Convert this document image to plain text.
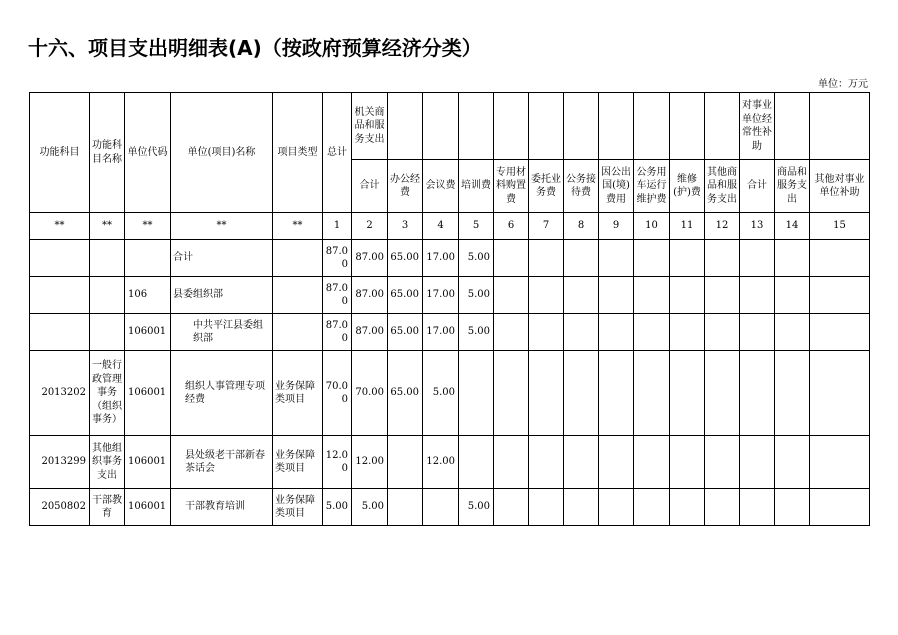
十六、项目支出明细表(A)（按政府预算经济分类）
单位：万元
功能科目	功能科目名称	单位代码	单位(项目)名称	项目类型	总计	机关商品和服务支出											对事业单位经常性补助		
						合计	办公经费	会议费	培训费	专用材料购置费	委托业务费	公务接待费	因公出国(境)费用	公务用车运行维护费	维修(护)费	其他商品和服务支出	合计	商品和服务支出	其他对事业单位补助
**	**	**	**	**	1	2	3	4	5	6	7	8	9	10	11	12	13	14	15
			合计		87.00	87.00	65.00	17.00	5.00										
		106	县委组织部		87.00	87.00	65.00	17.00	5.00										
		106001	中共平江县委组织部		87.00	87.00	65.00	17.00	5.00										
2013202	一般行政管理事务（组织事务）	106001	组织人事管理专项经费	业务保障类项目	70.00	70.00	65.00	5.00											
2013299	其他组织事务支出	106001	县处级老干部新春茶话会	业务保障类项目	12.00	12.00		12.00											
2050802	干部教育	106001	干部教育培训	业务保障类项目	5.00	5.00			5.00										
